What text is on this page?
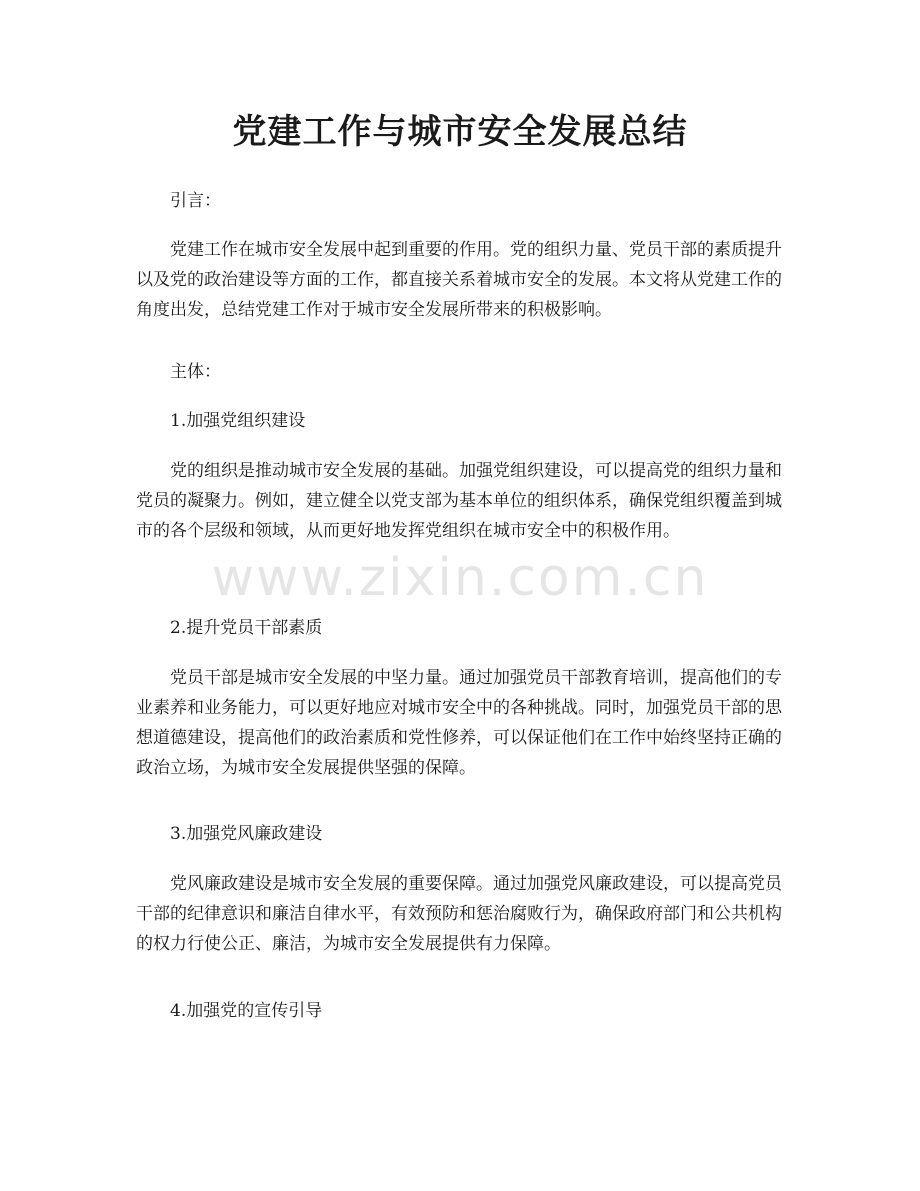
党建工作与城市安全发展总结

引言：

党建工作在城市安全发展中起到重要的作用。党的组织力量、党员干部的素质提升以及党的政治建设等方面的工作，都直接关系着城市安全的发展。本文将从党建工作的角度出发，总结党建工作对于城市安全发展所带来的积极影响。

主体：

1.加强党组织建设

党的组织是推动城市安全发展的基础。加强党组织建设，可以提高党的组织力量和党员的凝聚力。例如，建立健全以党支部为基本单位的组织体系，确保党组织覆盖到城市的各个层级和领域，从而更好地发挥党组织在城市安全中的积极作用。

2.提升党员干部素质

党员干部是城市安全发展的中坚力量。通过加强党员干部教育培训，提高他们的专业素养和业务能力，可以更好地应对城市安全中的各种挑战。同时，加强党员干部的思想道德建设，提高他们的政治素质和党性修养，可以保证他们在工作中始终坚持正确的政治立场，为城市安全发展提供坚强的保障。

3.加强党风廉政建设

党风廉政建设是城市安全发展的重要保障。通过加强党风廉政建设，可以提高党员干部的纪律意识和廉洁自律水平，有效预防和惩治腐败行为，确保政府部门和公共机构的权力行使公正、廉洁，为城市安全发展提供有力保障。

4.加强党的宣传引导

www.zixin.com.cn
